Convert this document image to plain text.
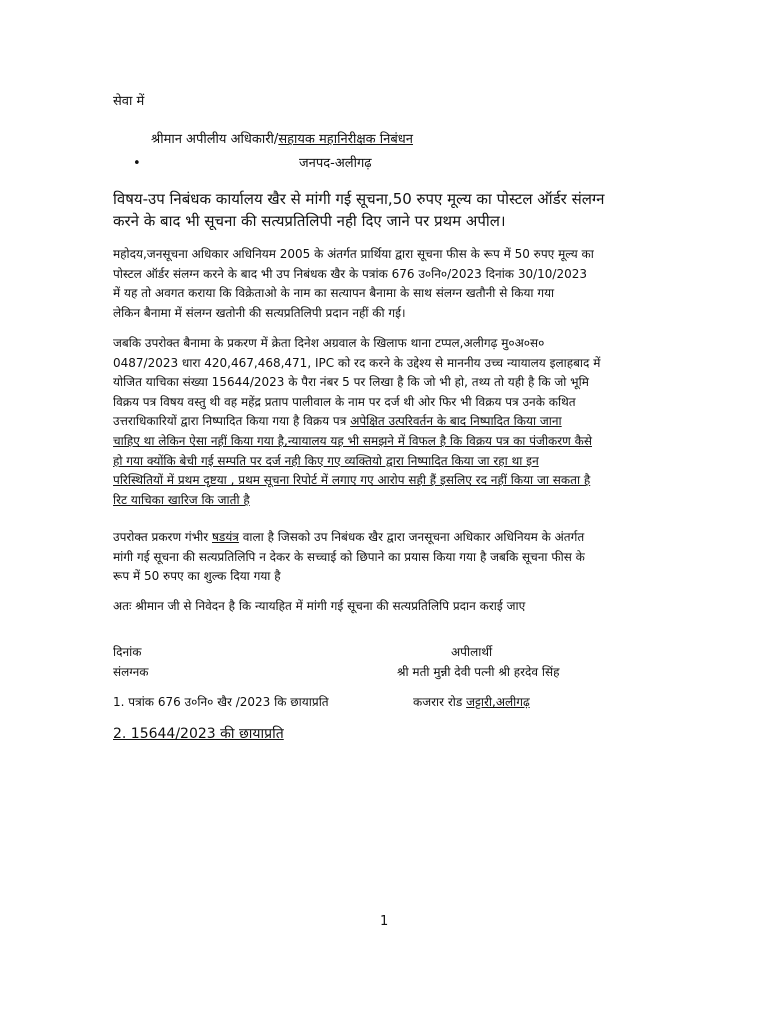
सेवा में
श्रीमान अपीलीय अधिकारी/सहायक महानिरीक्षक निबंधन
•	जनपद-अलीगढ़
विषय-उप निबंधक कार्यालय खैर से मांगी गई सूचना,50 रुपए मूल्य का पोस्टल ऑर्डर संलग्न
करने के बाद भी सूचना की सत्यप्रतिलिपी नही दिए जाने पर प्रथम अपील।
महोदय,जनसूचना अधिकार अधिनियम 2005 के अंतर्गत प्रार्थिया द्वारा सूचना फीस के रूप में 50 रुपए मूल्य का
पोस्टल ऑर्डर संलग्न करने के बाद भी उप निबंधक खैर के पत्रांक 676 उ०नि०/2023 दिनांक 30/10/2023
में यह तो अवगत कराया कि विक्रेताओ के नाम का सत्यापन बैनामा के साथ संलग्न खतौनी से किया गया
लेकिन बैनामा में संलग्न खतोनी की सत्यप्रतिलिपी प्रदान नहीं की गई।
जबकि उपरोक्त बैनामा के प्रकरण में क्रेता दिनेश अग्रवाल के खिलाफ थाना टप्पल,अलीगढ़ मु०अ०स०
0487/2023 धारा 420,467,468,471, IPC को रद करने के उद्देश्य से माननीय उच्च न्यायालय इलाहबाद में
योजित याचिका संख्या 15644/2023 के पैरा नंबर 5 पर लिखा है कि जो भी हो, तथ्य तो यही है कि जो भूमि
विक्रय पत्र विषय वस्तु थी वह महेंद्र प्रताप पालीवाल के नाम पर दर्ज थी ओर फिर भी विक्रय पत्र उनके कथित
उत्तराधिकारियों द्वारा निष्पादित किया गया है विक्रय पत्र अपेक्षित उत्परिवर्तन के बाद निष्पादित किया जाना
चाहिए था लेकिन ऐसा नहीं किया गया है,न्यायालय यह भी समझने में विफल है कि विक्रय पत्र का पंजीकरण कैसे
हो गया क्योंकि बेची गई सम्पति पर दर्ज नही किए गए व्यक्तियो द्वारा निष्पादित किया जा रहा था इन
परिस्थितियों में प्रथम दृष्टया , प्रथम सूचना रिपोर्ट में लगाए गए आरोप सही हैं इसलिए रद नहीं किया जा सकता है
रिट याचिका खारिज कि जाती है
उपरोक्त प्रकरण गंभीर षडयंत्र वाला है जिसको उप निबंधक खैर द्वारा जनसूचना अधिकार अधिनियम के अंतर्गत
मांगी गई सूचना की सत्यप्रतिलिपि न देकर के सच्चाई को छिपाने का प्रयास किया गया है जबकि सूचना फीस के
रूप में 50 रुपए का शुल्क दिया गया है
अतः श्रीमान जी से निवेदन है कि न्यायहित में मांगी गई सूचना की सत्यप्रतिलिपि प्रदान कराई जाए
दिनांक	अपीलार्थी
संलग्नक	श्री मती मुन्नी देवी पत्नी श्री हरदेव सिंह
1. पत्रांक 676 उ०नि० खैर /2023 कि छायाप्रति	कजरार रोड जट्टारी,अलीगढ़
2. 15644/2023 की छायाप्रति
1
